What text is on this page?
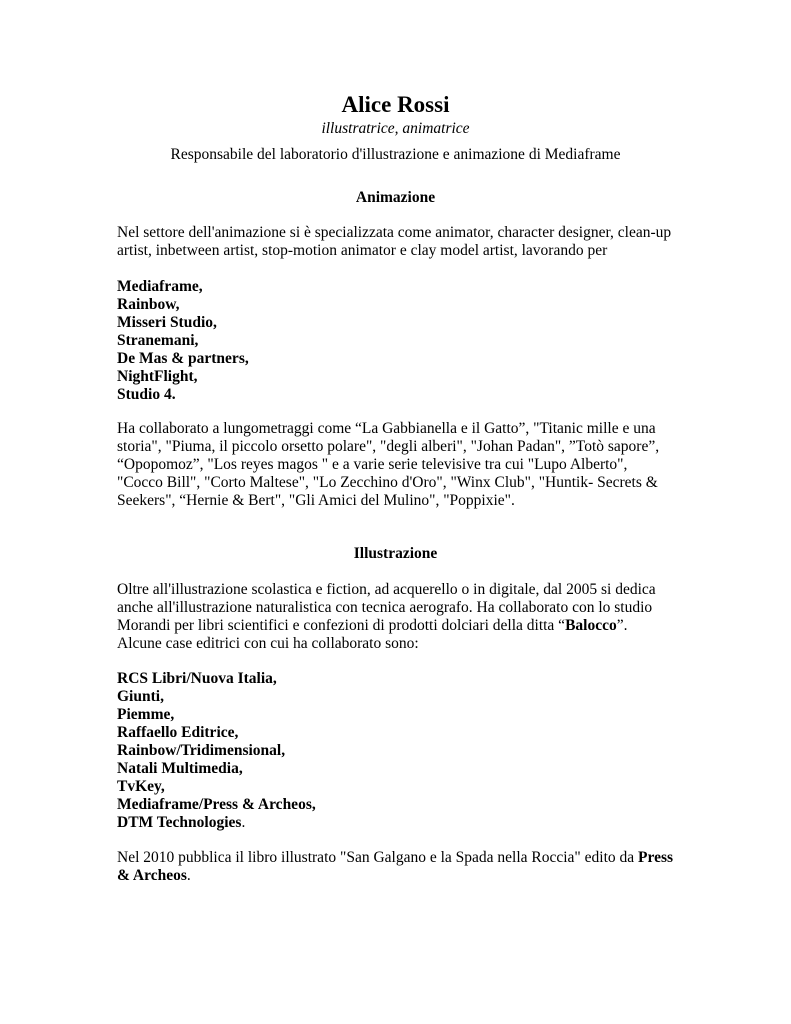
Alice Rossi
illustratrice, animatrice
Responsabile del laboratorio d'illustrazione e animazione di Mediaframe
Animazione
Nel settore dell'animazione si è specializzata come animator, character designer, clean-up
artist, inbetween artist, stop-motion animator e clay model artist, lavorando per
Mediaframe,
Rainbow,
Misseri Studio,
Stranemani,
De Mas & partners,
NightFlight,
Studio 4.
Ha collaborato a lungometraggi come “La Gabbianella e il Gatto”, "Titanic mille e una
storia", "Piuma, il piccolo orsetto polare", "degli alberi", "Johan Padan", ”Totò sapore”,
“Opopomoz”, "Los reyes magos " e a varie serie televisive tra cui "Lupo Alberto",
"Cocco Bill", "Corto Maltese", "Lo Zecchino d'Oro", "Winx Club", "Huntik- Secrets &
Seekers", “Hernie & Bert", "Gli Amici del Mulino", "Poppixie".
Illustrazione
Oltre all'illustrazione scolastica e fiction, ad acquerello o in digitale, dal 2005 si dedica
anche all'illustrazione naturalistica con tecnica aerografo. Ha collaborato con lo studio
Morandi per libri scientifici e confezioni di prodotti dolciari della ditta “Balocco”.
Alcune case editrici con cui ha collaborato sono:
RCS Libri/Nuova Italia,
Giunti,
Piemme,
Raffaello Editrice,
Rainbow/Tridimensional,
Natali Multimedia,
TvKey,
Mediaframe/Press & Archeos,
DTM Technologies.
Nel 2010 pubblica il libro illustrato "San Galgano e la Spada nella Roccia" edito da Press
& Archeos.
